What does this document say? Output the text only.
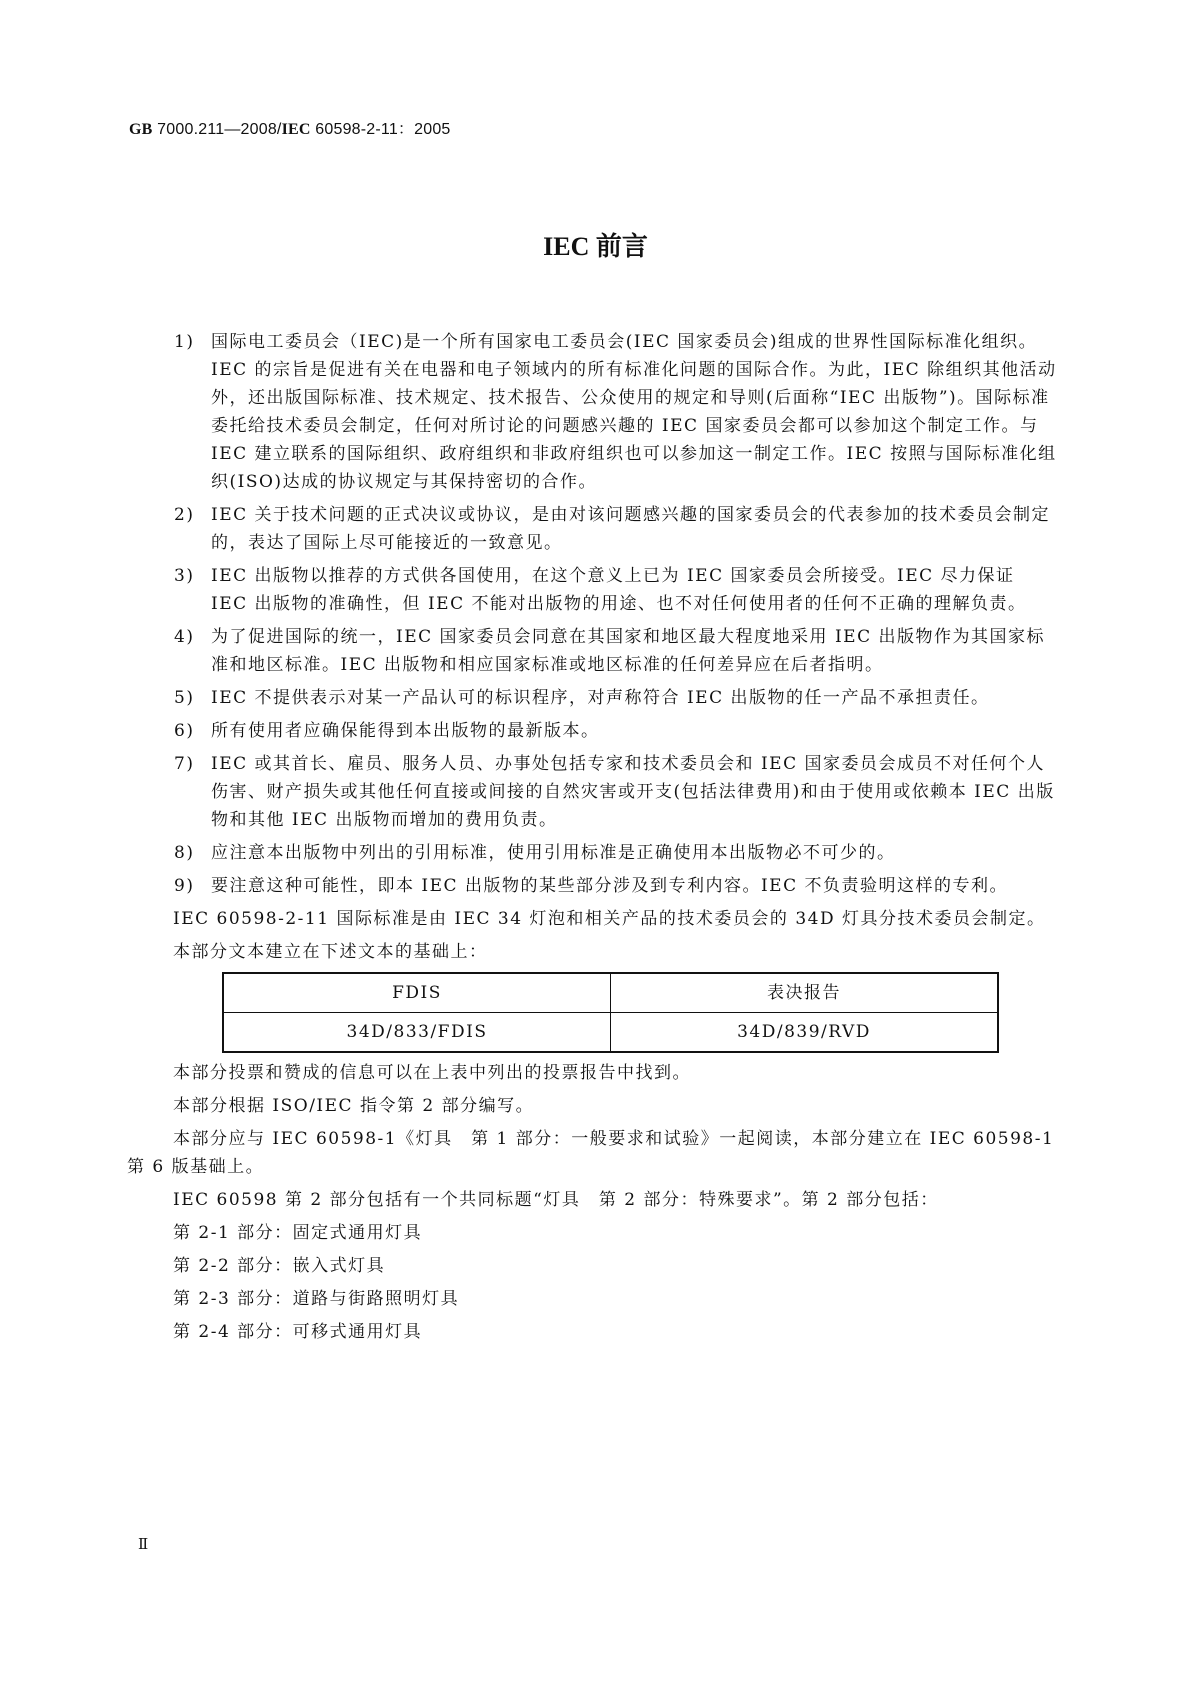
GB 7000.211—2008/IEC 60598-2-11：2005
IEC 前言
1) 国际电工委员会（IEC)是一个所有国家电工委员会(IEC 国家委员会)组成的世界性国际标准化组织。IEC 的宗旨是促进有关在电器和电子领域内的所有标准化问题的国际合作。为此，IEC 除组织其他活动外，还出版国际标准、技术规定、技术报告、公众使用的规定和导则(后面称“IEC 出版物”)。国际标准委托给技术委员会制定，任何对所讨论的问题感兴趣的 IEC 国家委员会都可以参加这个制定工作。与 IEC 建立联系的国际组织、政府组织和非政府组织也可以参加这一制定工作。IEC 按照与国际标准化组织(ISO)达成的协议规定与其保持密切的合作。
2) IEC 关于技术问题的正式决议或协议，是由对该问题感兴趣的国家委员会的代表参加的技术委员会制定的，表达了国际上尽可能接近的一致意见。
3) IEC 出版物以推荐的方式供各国使用，在这个意义上已为 IEC 国家委员会所接受。IEC 尽力保证 IEC 出版物的准确性，但 IEC 不能对出版物的用途、也不对任何使用者的任何不正确的理解负责。
4) 为了促进国际的统一，IEC 国家委员会同意在其国家和地区最大程度地采用 IEC 出版物作为其国家标准和地区标准。IEC 出版物和相应国家标准或地区标准的任何差异应在后者指明。
5) IEC 不提供表示对某一产品认可的标识程序，对声称符合 IEC 出版物的任一产品不承担责任。
6) 所有使用者应确保能得到本出版物的最新版本。
7) IEC 或其首长、雇员、服务人员、办事处包括专家和技术委员会和 IEC 国家委员会成员不对任何个人伤害、财产损失或其他任何直接或间接的自然灾害或开支(包括法律费用)和由于使用或依赖本 IEC 出版物和其他 IEC 出版物而增加的费用负责。
8) 应注意本出版物中列出的引用标准，使用引用标准是正确使用本出版物必不可少的。
9) 要注意这种可能性，即本 IEC 出版物的某些部分涉及到专利内容。IEC 不负责验明这样的专利。
IEC 60598-2-11 国际标准是由 IEC 34 灯泡和相关产品的技术委员会的 34D 灯具分技术委员会制定。
本部分文本建立在下述文本的基础上：
FDIS	表决报告
34D/833/FDIS	34D/839/RVD
本部分投票和赞成的信息可以在上表中列出的投票报告中找到。
本部分根据 ISO/IEC 指令第 2 部分编写。
本部分应与 IEC 60598-1《灯具　第 1 部分：一般要求和试验》一起阅读，本部分建立在 IEC 60598-1 第 6 版基础上。
IEC 60598 第 2 部分包括有一个共同标题“灯具　第 2 部分：特殊要求”。第 2 部分包括：
第 2-1 部分：固定式通用灯具
第 2-2 部分：嵌入式灯具
第 2-3 部分：道路与街路照明灯具
第 2-4 部分：可移式通用灯具
Ⅱ
